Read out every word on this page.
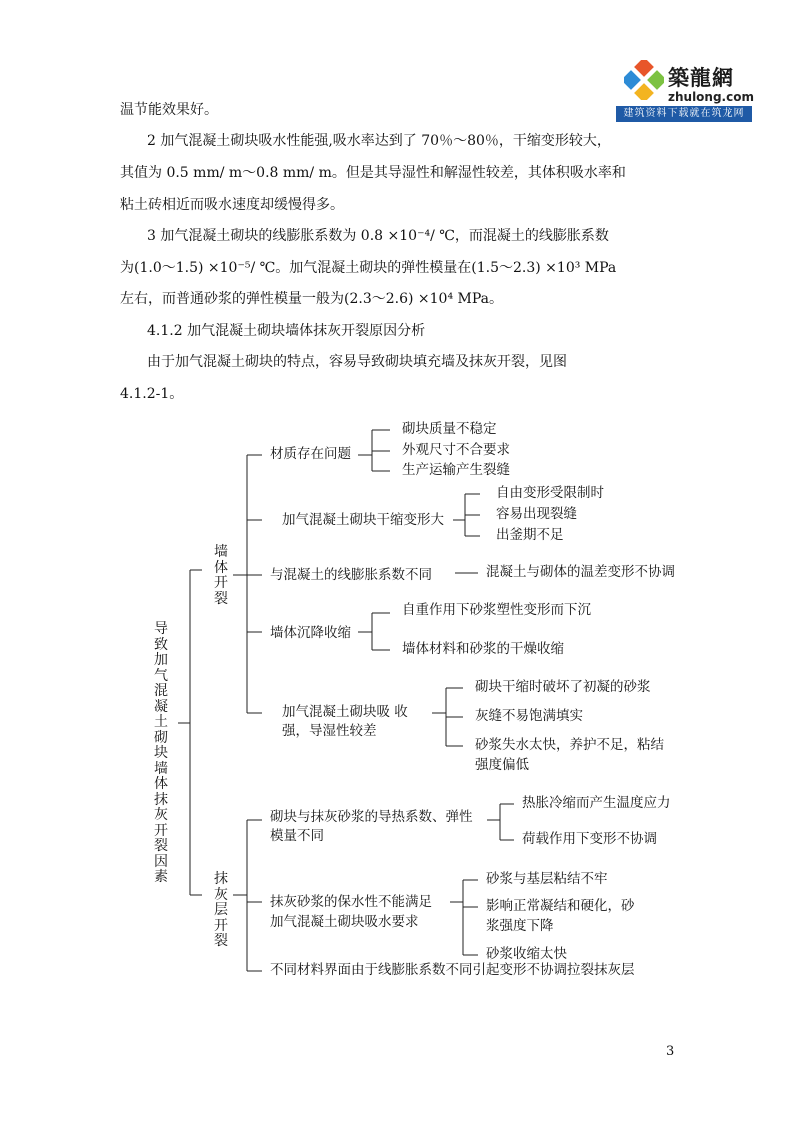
築龍網
zhulong.com
建筑资料下载就在筑龙网
温节能效果好。
2 加气混凝土砌块吸水性能强,吸水率达到了 70％～80％，干缩变形较大，
其值为 0.5 mm/ m～0.8 mm/ m。但是其导湿性和解湿性较差，其体积吸水率和
粘土砖相近而吸水速度却缓慢得多。
3 加气混凝土砌块的线膨胀系数为 0.8 ×10⁻⁴/ ℃，而混凝土的线膨胀系数
为(1.0～1.5) ×10⁻⁵/ ℃。加气混凝土砌块的弹性模量在(1.5～2.3) ×10³ MPa
左右，而普通砂浆的弹性模量一般为(2.3～2.6) ×10⁴ MPa。
4.1.2 加气混凝土砌块墙体抹灰开裂原因分析
由于加气混凝土砌块的特点，容易导致砌块填充墙及抹灰开裂，见图
4.1.2-1。
导致加气混凝土砌块墙体抹灰开裂因素
墙体开裂
抹灰层开裂
材质存在问题
砌块质量不稳定
外观尺寸不合要求
生产运输产生裂缝
加气混凝土砌块干缩变形大
自由变形受限制时
容易出现裂缝
出釜期不足
与混凝土的线膨胀系数不同	混凝土与砌体的温差变形不协调
墙体沉降收缩
自重作用下砂浆塑性变形而下沉
墙体材料和砂浆的干燥收缩
加气混凝土砌块吸 收
强，导湿性较差
砌块干缩时破坏了初凝的砂浆
灰缝不易饱满填实
砂浆失水太快，养护不足，粘结
强度偏低
砌块与抹灰砂浆的导热系数、弹性
模量不同
热胀冷缩而产生温度应力
荷载作用下变形不协调
抹灰砂浆的保水性不能满足
加气混凝土砌块吸水要求
砂浆与基层粘结不牢
影响正常凝结和硬化，砂
浆强度下降
砂浆收缩太快
不同材料界面由于线膨胀系数不同引起变形不协调拉裂抹灰层
3
